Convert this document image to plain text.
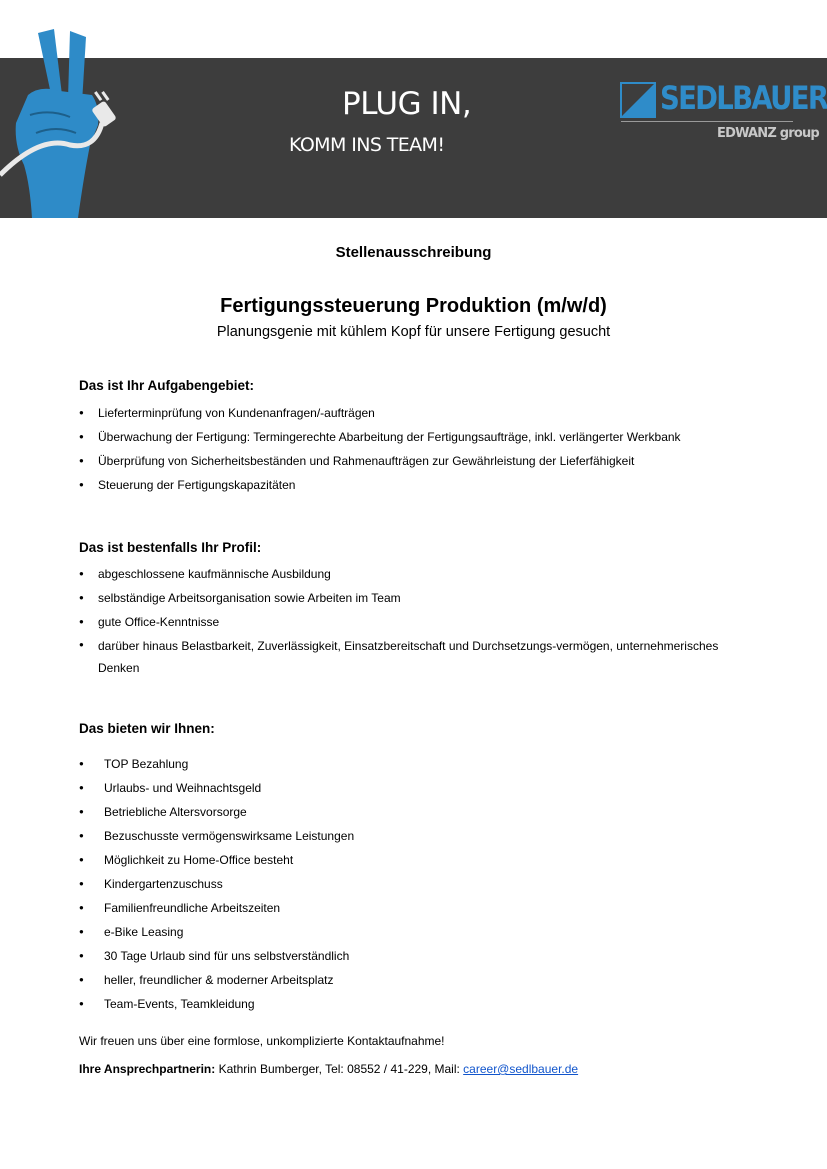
PLUG IN,
KOMM INS TEAM!
SEDLBAUER
EDWANZ group
Stellenausschreibung
Fertigungssteuerung Produktion (m/w/d)
Planungsgenie mit kühlem Kopf für unsere Fertigung gesucht
Das ist Ihr Aufgabengebiet:
● Lieferterminprüfung von Kundenanfragen/-aufträgen
● Überwachung der Fertigung: Termingerechte Abarbeitung der Fertigungsaufträge, inkl. verlängerter Werkbank
● Überprüfung von Sicherheitsbeständen und Rahmenaufträgen zur Gewährleistung der Lieferfähigkeit
● Steuerung der Fertigungskapazitäten
Das ist bestenfalls Ihr Profil:
● abgeschlossene kaufmännische Ausbildung
● selbständige Arbeitsorganisation sowie Arbeiten im Team
● gute Office-Kenntnisse
● darüber hinaus Belastbarkeit, Zuverlässigkeit, Einsatzbereitschaft und Durchsetzungs-vermögen, unternehmerisches Denken
Das bieten wir Ihnen:
● TOP Bezahlung
● Urlaubs- und Weihnachtsgeld
● Betriebliche Altersvorsorge
● Bezuschusste vermögenswirksame Leistungen
● Möglichkeit zu Home-Office besteht
● Kindergartenzuschuss
● Familienfreundliche Arbeitszeiten
● e-Bike Leasing
● 30 Tage Urlaub sind für uns selbstverständlich
● heller, freundlicher & moderner Arbeitsplatz
● Team-Events, Teamkleidung
Wir freuen uns über eine formlose, unkomplizierte Kontaktaufnahme!
Ihre Ansprechpartnerin: Kathrin Bumberger, Tel: 08552 / 41-229, Mail: career@sedlbauer.de
